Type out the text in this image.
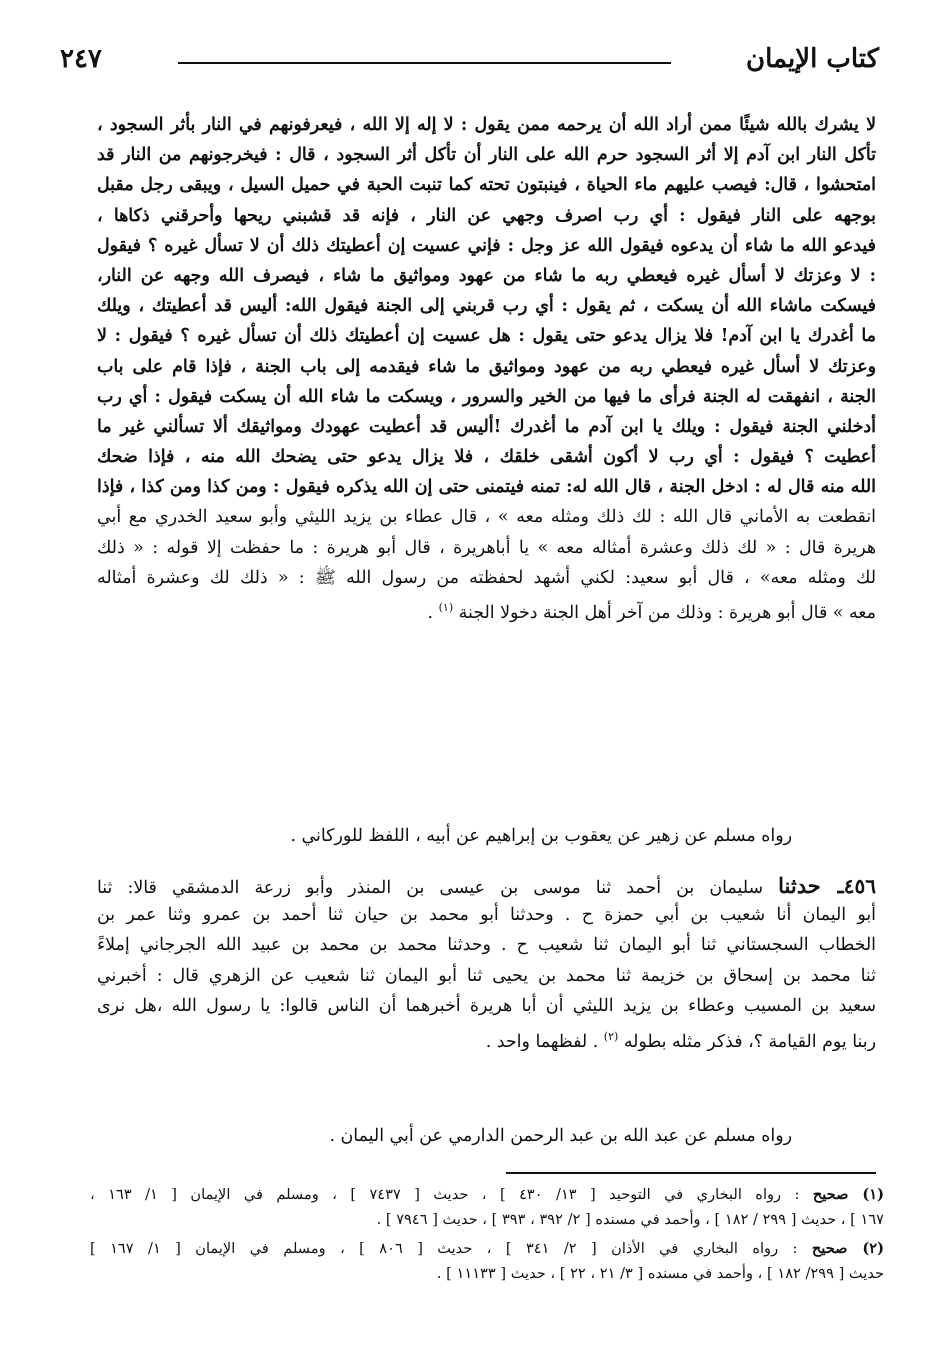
كتاب الإيمان
٢٤٧
لا يشرك بالله شيئًا ممن أراد الله أن يرحمه ممن يقول : لا إله إلا الله ، فيعرفونهم في النار بأثر السجود ،
تأكل النار ابن آدم إلا أثر السجود حرم الله على النار أن تأكل أثر السجود ، قال : فيخرجونهم من النار قد
امتحشوا ، قال: فيصب عليهم ماء الحياة ، فينبتون تحته كما تنبت الحبة في حميل السيل ، ويبقى رجل مقبل
بوجهه على النار فيقول : أي رب اصرف وجهي عن النار ، فإنه قد قشبني ريحها وأحرقني ذكاها ،
فيدعو الله ما شاء أن يدعوه فيقول الله عز وجل : فإني عسيت إن أعطيتك ذلك أن لا تسأل غيره ؟ فيقول
: لا وعزتك لا أسأل غيره فيعطي ربه ما شاء من عهود ومواثيق ما شاء ، فيصرف الله وجهه عن النار،
فيسكت ماشاء الله أن يسكت ، ثم يقول : أي رب قربني إلى الجنة فيقول الله: أليس قد أعطيتك ، ويلك
ما أغدرك يا ابن آدم! فلا يزال يدعو حتى يقول : هل عسيت إن أعطيتك ذلك أن تسأل غيره ؟ فيقول : لا
وعزتك لا أسأل غيره فيعطي ربه من عهود ومواثيق ما شاء فيقدمه إلى باب الجنة ، فإذا قام على باب
الجنة ، انفهقت له الجنة فرأى ما فيها من الخير والسرور ، ويسكت ما شاء الله أن يسكت فيقول : أي رب
أدخلني الجنة فيقول : ويلك يا ابن آدم ما أغدرك !أليس قد أعطيت عهودك ومواثيقك ألا تسألني غير ما
أعطيت ؟ فيقول : أي رب لا أكون أشقى خلقك ، فلا يزال يدعو حتى يضحك الله منه ، فإذا ضحك
الله منه قال له : ادخل الجنة ، قال الله له: تمنه فيتمنى حتى إن الله يذكره فيقول : ومن كذا ومن كذا ، فإذا
انقطعت به الأماني قال الله : لك ذلك ومثله معه » ، قال عطاء بن يزيد الليثي وأبو سعيد الخدري مع أبي
هريرة قال : « لك ذلك وعشرة أمثاله معه » يا أباهريرة ، قال أبو هريرة : ما حفظت إلا قوله : « ذلك
لك ومثله معه» ، قال أبو سعيد: لكني أشهد لحفظته من رسول الله ﷺ : « ذلك لك وعشرة أمثاله
معه » قال أبو هريرة : وذلك من آخر أهل الجنة دخولا الجنة $^{(١)}$ .
رواه مسلم عن زهير عن يعقوب بن إبراهيم عن أبيه ، اللفظ للوركاني .
٤٥٦ـ حدثنا سليمان بن أحمد ثنا موسى بن عيسى بن المنذر وأبو زرعة الدمشقي قالا: ثنا
أبو اليمان أنا شعيب بن أبي حمزة ح . وحدثنا أبو محمد بن حيان ثنا أحمد بن عمرو وثنا عمر بن
الخطاب السجستاني ثنا أبو اليمان ثنا شعيب ح . وحدثنا محمد بن محمد بن عبيد الله الجرجاني إملاءً
ثنا محمد بن إسحاق بن خزيمة ثنا محمد بن يحيى ثنا أبو اليمان ثنا شعيب عن الزهري قال : أخبرني
سعيد بن المسيب وعطاء بن يزيد الليثي أن أبا هريرة أخبرهما أن الناس قالوا: يا رسول الله ،هل نرى
ربنا يوم القيامة ؟، فذكر مثله بطوله $^{(٢)}$ . لفظهما واحد .
رواه مسلم عن عبد الله بن عبد الرحمن الدارمي عن أبي اليمان .
(١) صحيح : رواه البخاري في التوحيد [ ١٣/ ٤٣٠ ] ، حديث [ ٧٤٣٧ ] ، ومسلم في الإيمان [ ١/ ١٦٣ ،
١٦٧ ] ، حديث [ ٢٩٩ / ١٨٢ ] ، وأحمد في مسنده [ ٢/ ٣٩٢ ، ٣٩٣ ] ، حديث [ ٧٩٤٦ ] .
(٢) صحيح : رواه البخاري في الأذان [ ٢/ ٣٤١ ] ، حديث [ ٨٠٦ ] ، ومسلم في الإيمان [ ١/ ١٦٧ ]
حديث [ ٢٩٩/ ١٨٢ ] ، وأحمد في مسنده [ ٣/ ٢١ ، ٢٢ ] ، حديث [ ١١١٣٣ ] .
